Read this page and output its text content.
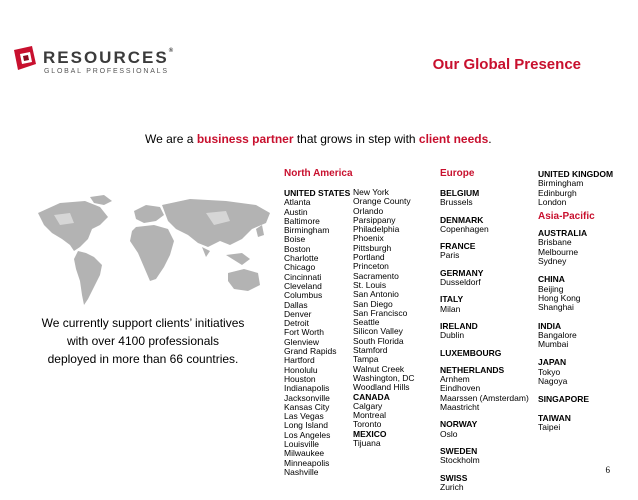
RESOURCES®
GLOBAL PROFESSIONALS	Our Global Presence
We are a business partner that grows in step with client needs.
We currently support clients’ initiatives
with over 4100 professionals
deployed in more than 66 countries.
North America
UNITED STATES
Atlanta
Austin
Baltimore
Birmingham
Boise
Boston
Charlotte
Chicago
Cincinnati
Cleveland
Columbus
Dallas
Denver
Detroit
Fort Worth
Glenview
Grand Rapids
Hartford
Honolulu
Houston
Indianapolis
Jacksonville
Kansas City
Las Vegas
Long Island
Los Angeles
Louisville
Milwaukee
Minneapolis
Nashville
New York
Orange County
Orlando
Parsippany
Philadelphia
Phoenix
Pittsburgh
Portland
Princeton
Sacramento
St. Louis
San Antonio
San Diego
San Francisco
Seattle
Silicon Valley
South Florida
Stamford
Tampa
Walnut Creek
Washington, DC
Woodland Hills
CANADA
Calgary
Montreal
Toronto
MEXICO
Tijuana
Europe
BELGIUM
Brussels
DENMARK
Copenhagen
FRANCE
Paris
GERMANY
Dusseldorf
ITALY
Milan
IRELAND
Dublin
LUXEMBOURG
NETHERLANDS
Arnhem
Eindhoven
Maarssen (Amsterdam)
Maastricht
NORWAY
Oslo
SWEDEN
Stockholm
SWISS
Zurich
UNITED KINGDOM
Birmingham
Edinburgh
London
Asia-Pacific
AUSTRALIA
Brisbane
Melbourne
Sydney
CHINA
Beijing
Hong Kong
Shanghai
INDIA
Bangalore
Mumbai
JAPAN
Tokyo
Nagoya
SINGAPORE
TAIWAN
Taipei
6
